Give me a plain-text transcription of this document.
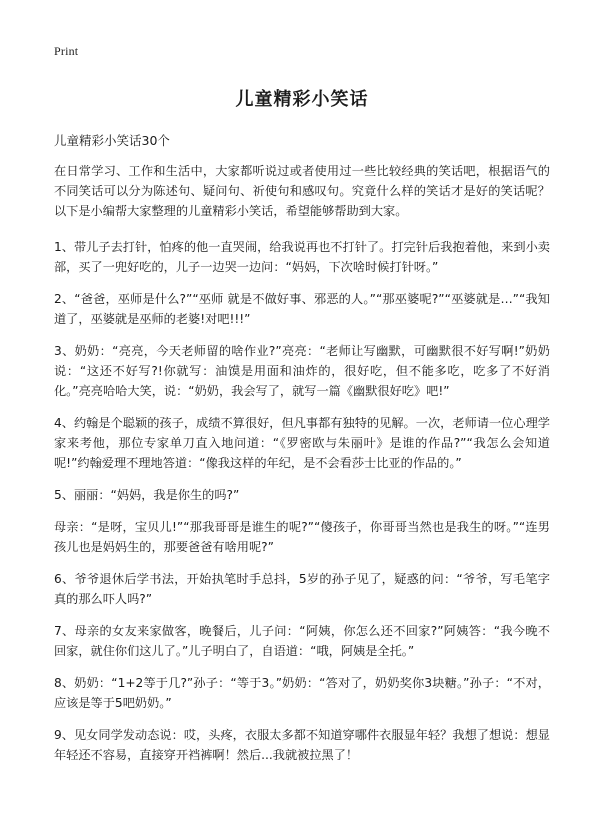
Print
儿童精彩小笑话
儿童精彩小笑话30个

在日常学习、工作和生活中，大家都听说过或者使用过一些比较经典的笑话吧，根据语气的不同笑话可以分为陈述句、疑问句、祈使句和感叹句。究竟什么样的笑话才是好的笑话呢？以下是小编帮大家整理的儿童精彩小笑话，希望能够帮助到大家。

1、带儿子去打针，怕疼的他一直哭闹，给我说再也不打针了。打完针后我抱着他，来到小卖部，买了一兜好吃的，儿子一边哭一边问：“妈妈，下次啥时候打针呀。”

2、“爸爸，巫师是什么?”“巫师 就是不做好事、邪恶的人。”“那巫婆呢?”“巫婆就是…”“我知道了，巫婆就是巫师的老婆!对吧!!!”

3、奶奶：“亮亮，今天老师留的啥作业?”亮亮：“老师让写幽默，可幽默很不好写啊!”奶奶说：“这还不好写?!你就写：油馍是用面和油炸的，很好吃，但不能多吃，吃多了不好消化。”亮亮哈哈大笑，说：“奶奶，我会写了，就写一篇《幽默很好吃》吧!”

4、约翰是个聪颖的孩子，成绩不算很好，但凡事都有独特的见解。一次，老师请一位心理学家来考他，那位专家单刀直入地问道：“《罗密欧与朱丽叶》是谁的作品?”“我怎么会知道呢!”约翰爱理不理地答道：“像我这样的年纪，是不会看莎士比亚的作品的。”

5、丽丽：“妈妈，我是你生的吗?”

母亲：“是呀，宝贝儿!”“那我哥哥是谁生的呢?”“傻孩子，你哥哥当然也是我生的呀。”“连男孩儿也是妈妈生的，那要爸爸有啥用呢?”

6、爷爷退休后学书法，开始执笔时手总抖，5岁的孙子见了，疑惑的问：“爷爷，写毛笔字真的那么吓人吗?”

7、母亲的女友来家做客，晚餐后，儿子问：“阿姨，你怎么还不回家?”阿姨答：“我今晚不回家，就住你们这儿了。”儿子明白了，自语道：“哦，阿姨是全托。”

8、奶奶：“1+2等于几?”孙子：“等于3。”奶奶：“答对了，奶奶奖你3块糖。”孙子：“不对，应该是等于5吧奶奶。”

9、见女同学发动态说：哎，头疼，衣服太多都不知道穿哪件衣服显年轻？我想了想说：想显年轻还不容易，直接穿开裆裤啊！然后...我就被拉黑了！
